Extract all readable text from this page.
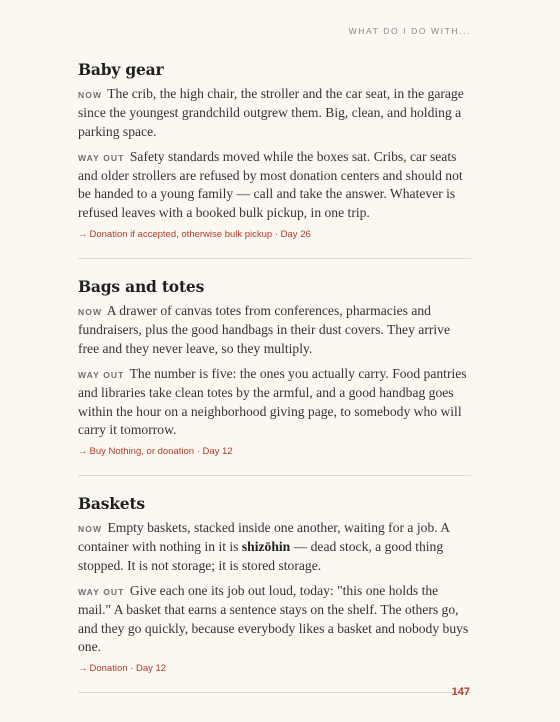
WHAT DO I DO WITH...
Baby gear

NOW The crib, the high chair, the stroller and the car seat, in the garage since the youngest grandchild outgrew them. Big, clean, and holding a parking space.

WAY OUT Safety standards moved while the boxes sat. Cribs, car seats and older strollers are refused by most donation centers and should not be handed to a young family — call and take the answer. Whatever is refused leaves with a booked bulk pickup, in one trip.

→ Donation if accepted, otherwise bulk pickup · Day 26

Bags and totes

NOW A drawer of canvas totes from conferences, pharmacies and fundraisers, plus the good handbags in their dust covers. They arrive free and they never leave, so they multiply.

WAY OUT The number is five: the ones you actually carry. Food pantries and libraries take clean totes by the armful, and a good handbag goes within the hour on a neighborhood giving page, to somebody who will carry it tomorrow.

→ Buy Nothing, or donation · Day 12

Baskets

NOW Empty baskets, stacked inside one another, waiting for a job. A container with nothing in it is shizōhin — dead stock, a good thing stopped. It is not storage; it is stored storage.

WAY OUT Give each one its job out loud, today: "this one holds the mail." A basket that earns a sentence stays on the shelf. The others go, and they go quickly, because everybody likes a basket and nobody buys one.

→ Donation · Day 12

147
